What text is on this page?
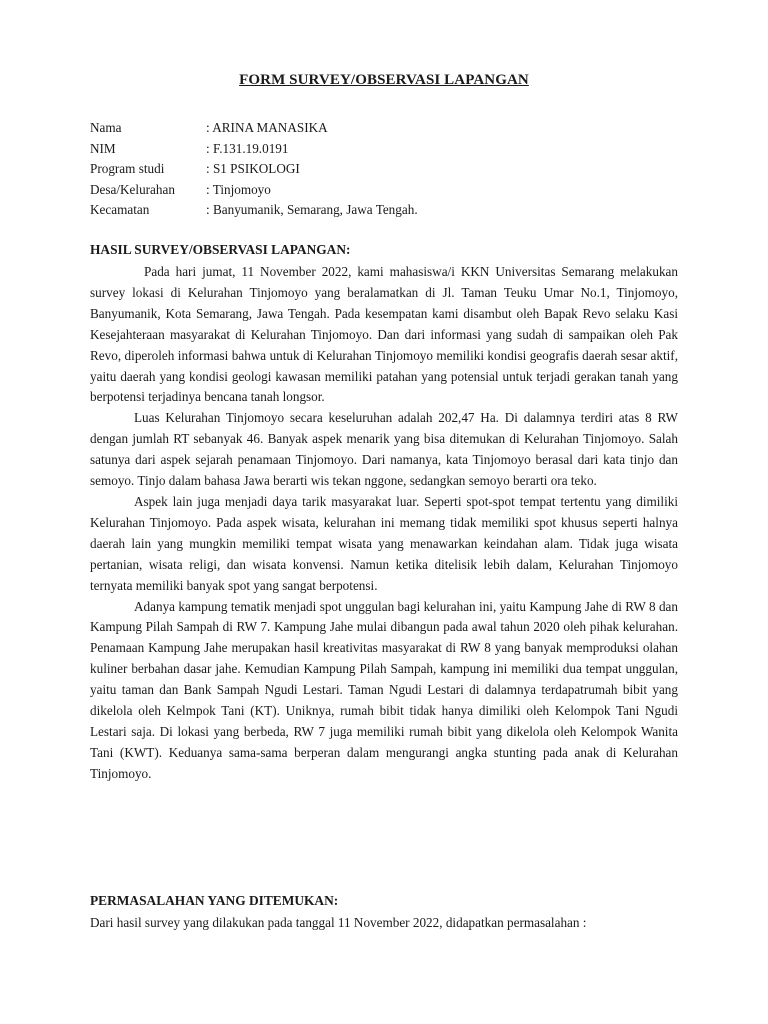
FORM SURVEY/OBSERVASI LAPANGAN
Nama	: ARINA MANASIKA
NIM	: F.131.19.0191
Program studi	: S1 PSIKOLOGI
Desa/Kelurahan : Tinjomoyo
Kecamatan	: Banyumanik, Semarang, Jawa Tengah.
HASIL SURVEY/OBSERVASI LAPANGAN:

Pada hari jumat, 11 November 2022, kami mahasiswa/i KKN Universitas Semarang melakukan survey lokasi di Kelurahan Tinjomoyo yang beralamatkan di Jl. Taman Teuku Umar No.1, Tinjomoyo, Banyumanik, Kota Semarang, Jawa Tengah. Pada kesempatan kami disambut oleh Bapak Revo selaku Kasi Kesejahteraan masyarakat di Kelurahan Tinjomoyo. Dan dari informasi yang sudah di sampaikan oleh Pak Revo, diperoleh informasi bahwa untuk di Kelurahan Tinjomoyo memiliki kondisi geografis daerah sesar aktif, yaitu daerah yang kondisi geologi kawasan memiliki patahan yang potensial untuk terjadi gerakan tanah yang berpotensi terjadinya bencana tanah longsor.

Luas Kelurahan Tinjomoyo secara keseluruhan adalah 202,47 Ha. Di dalamnya terdiri atas 8 RW dengan jumlah RT sebanyak 46. Banyak aspek menarik yang bisa ditemukan di Kelurahan Tinjomoyo. Salah satunya dari aspek sejarah penamaan Tinjomoyo. Dari namanya, kata Tinjomoyo berasal dari kata tinjo dan semoyo. Tinjo dalam bahasa Jawa berarti wis tekan nggone, sedangkan semoyo berarti ora teko.

Aspek lain juga menjadi daya tarik masyarakat luar. Seperti spot-spot tempat tertentu yang dimiliki Kelurahan Tinjomoyo. Pada aspek wisata, kelurahan ini memang tidak memiliki spot khusus seperti halnya daerah lain yang mungkin memiliki tempat wisata yang menawarkan keindahan alam. Tidak juga wisata pertanian, wisata religi, dan wisata konvensi. Namun ketika ditelisik lebih dalam, Kelurahan Tinjomoyo ternyata memiliki banyak spot yang sangat berpotensi.

Adanya kampung tematik menjadi spot unggulan bagi kelurahan ini, yaitu Kampung Jahe di RW 8 dan Kampung Pilah Sampah di RW 7. Kampung Jahe mulai dibangun pada awal tahun 2020 oleh pihak kelurahan. Penamaan Kampung Jahe merupakan hasil kreativitas masyarakat di RW 8 yang banyak memproduksi olahan kuliner berbahan dasar jahe. Kemudian Kampung Pilah Sampah, kampung ini memiliki dua tempat unggulan, yaitu taman dan Bank Sampah Ngudi Lestari. Taman Ngudi Lestari di dalamnya terdapatrumah bibit yang dikelola oleh Kelmpok Tani (KT). Uniknya, rumah bibit tidak hanya dimiliki oleh Kelompok Tani Ngudi Lestari saja. Di lokasi yang berbeda, RW 7 juga memiliki rumah bibit yang dikelola oleh Kelompok Wanita Tani (KWT). Keduanya sama-sama berperan dalam mengurangi angka stunting pada anak di Kelurahan Tinjomoyo.

PERMASALAHAN YANG DITEMUKAN:
Dari hasil survey yang dilakukan pada tanggal 11 November 2022, didapatkan permasalahan :
